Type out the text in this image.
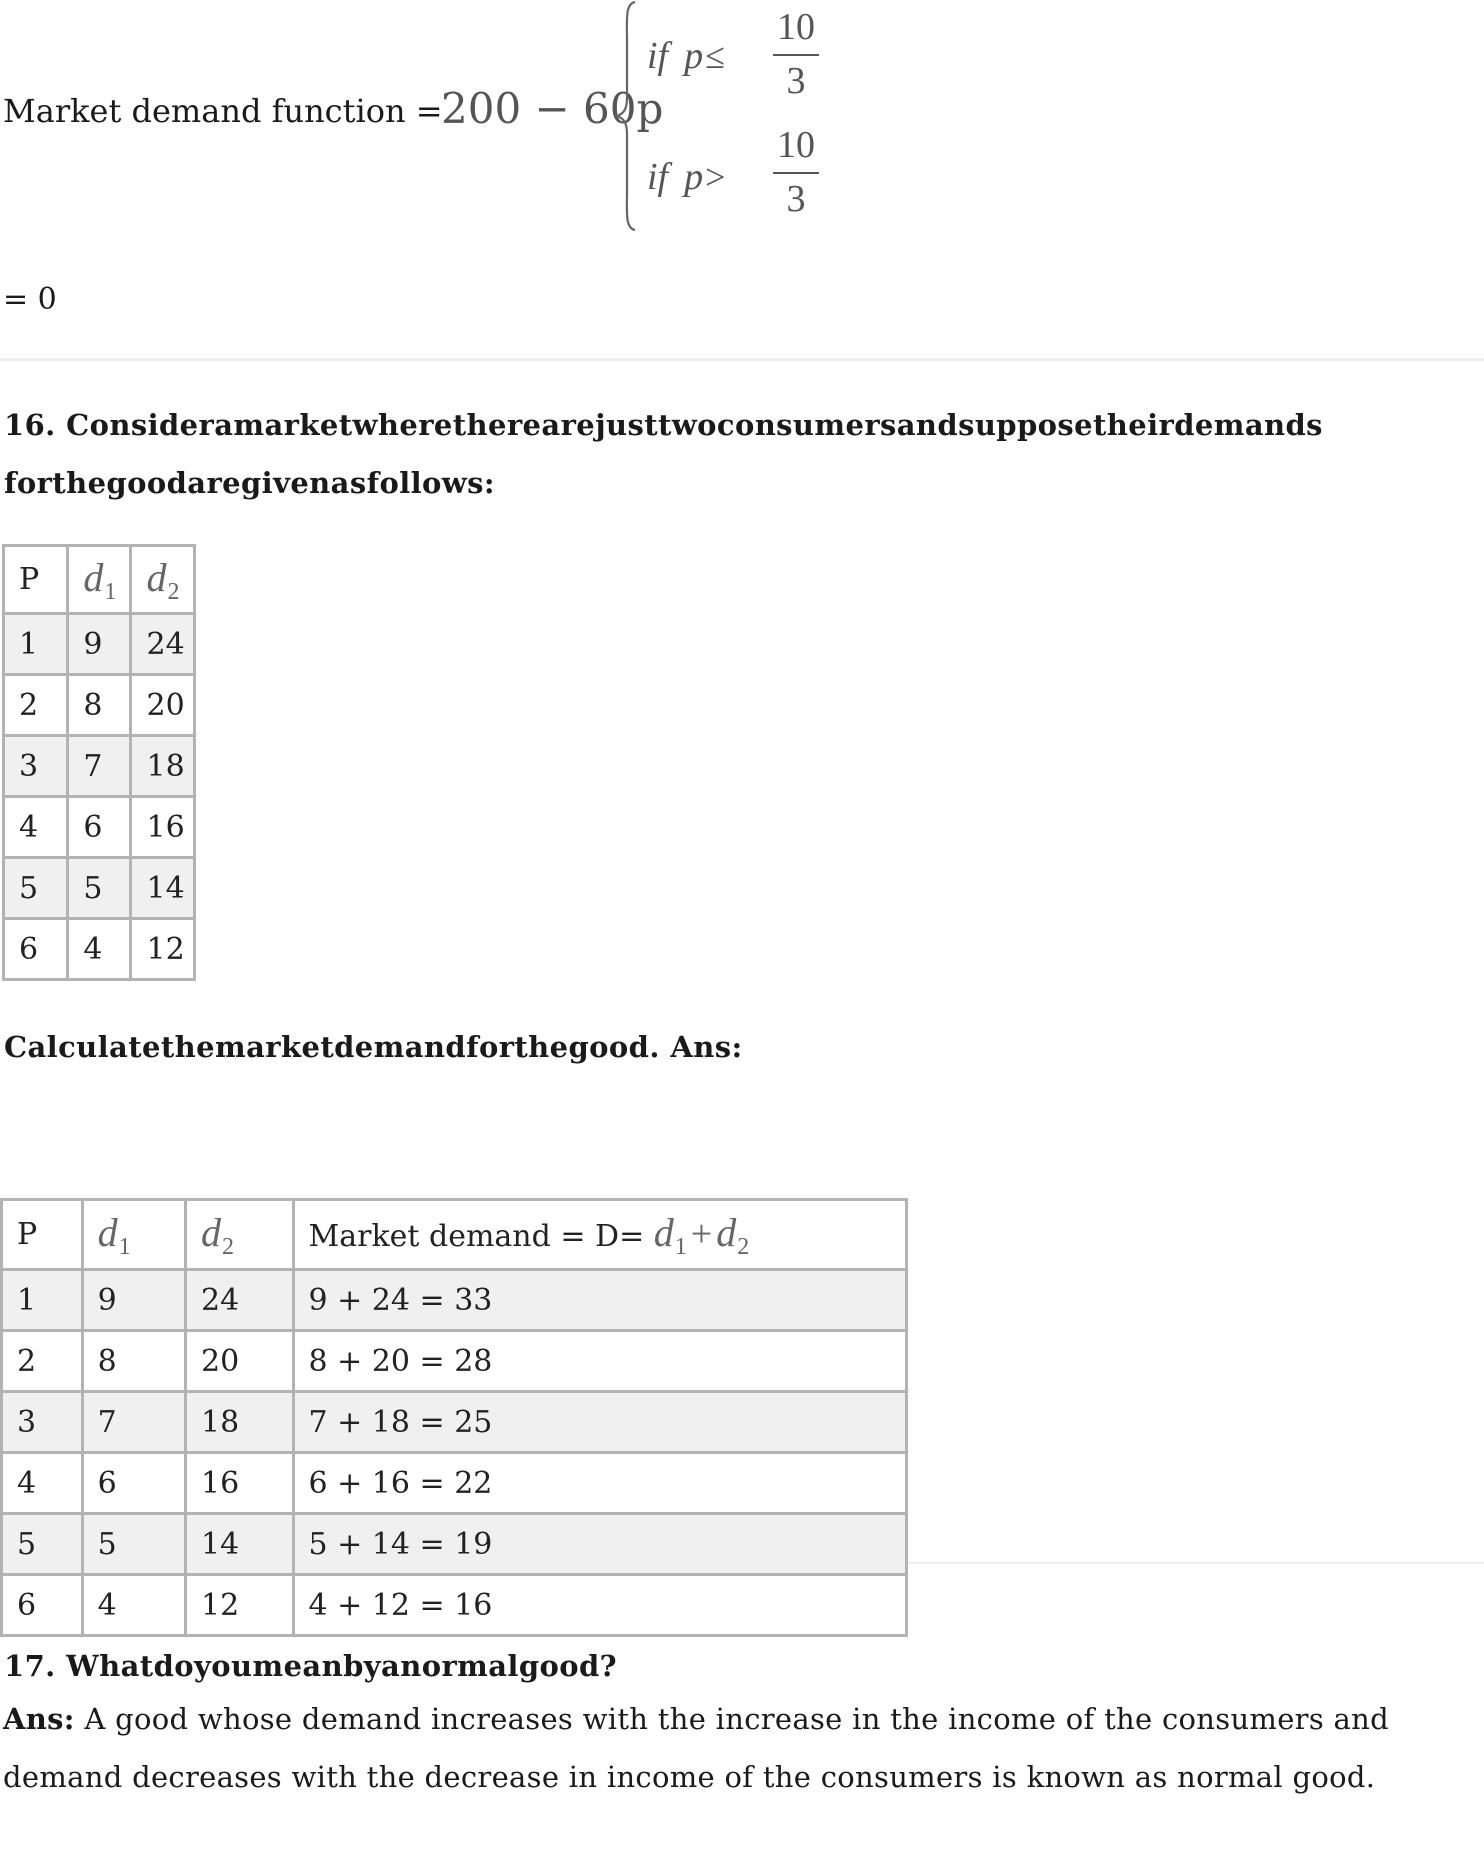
Market demand function =
200 − 60p
if p≤
10
3
if p>
10
3
= 0
16. Consideramarketwheretherearejusttwoconsumersandsupposetheirdemands
forthegoodaregivenasfollows:
P	$d_1$	$d_2$
1	9	24
2	8	20
3	7	18
4	6	16
5	5	14
6	4	12
Calculatethemarketdemandforthegood. Ans:
P	$d_1$	$d_2$	Market demand = $D= d_1 + d_2$
1	9	24	9 + 24 = 33
2	8	20	8 + 20 = 28
3	7	18	7 + 18 = 25
4	6	16	6 + 16 = 22
5	5	14	5 + 14 = 19
6	4	12	4 + 12 = 16
17. Whatdoyoumeanbyanormalgood?
Ans: A good whose demand increases with the increase in the income of the consumers and demand decreases with the decrease in income of the consumers is known as normal good.
